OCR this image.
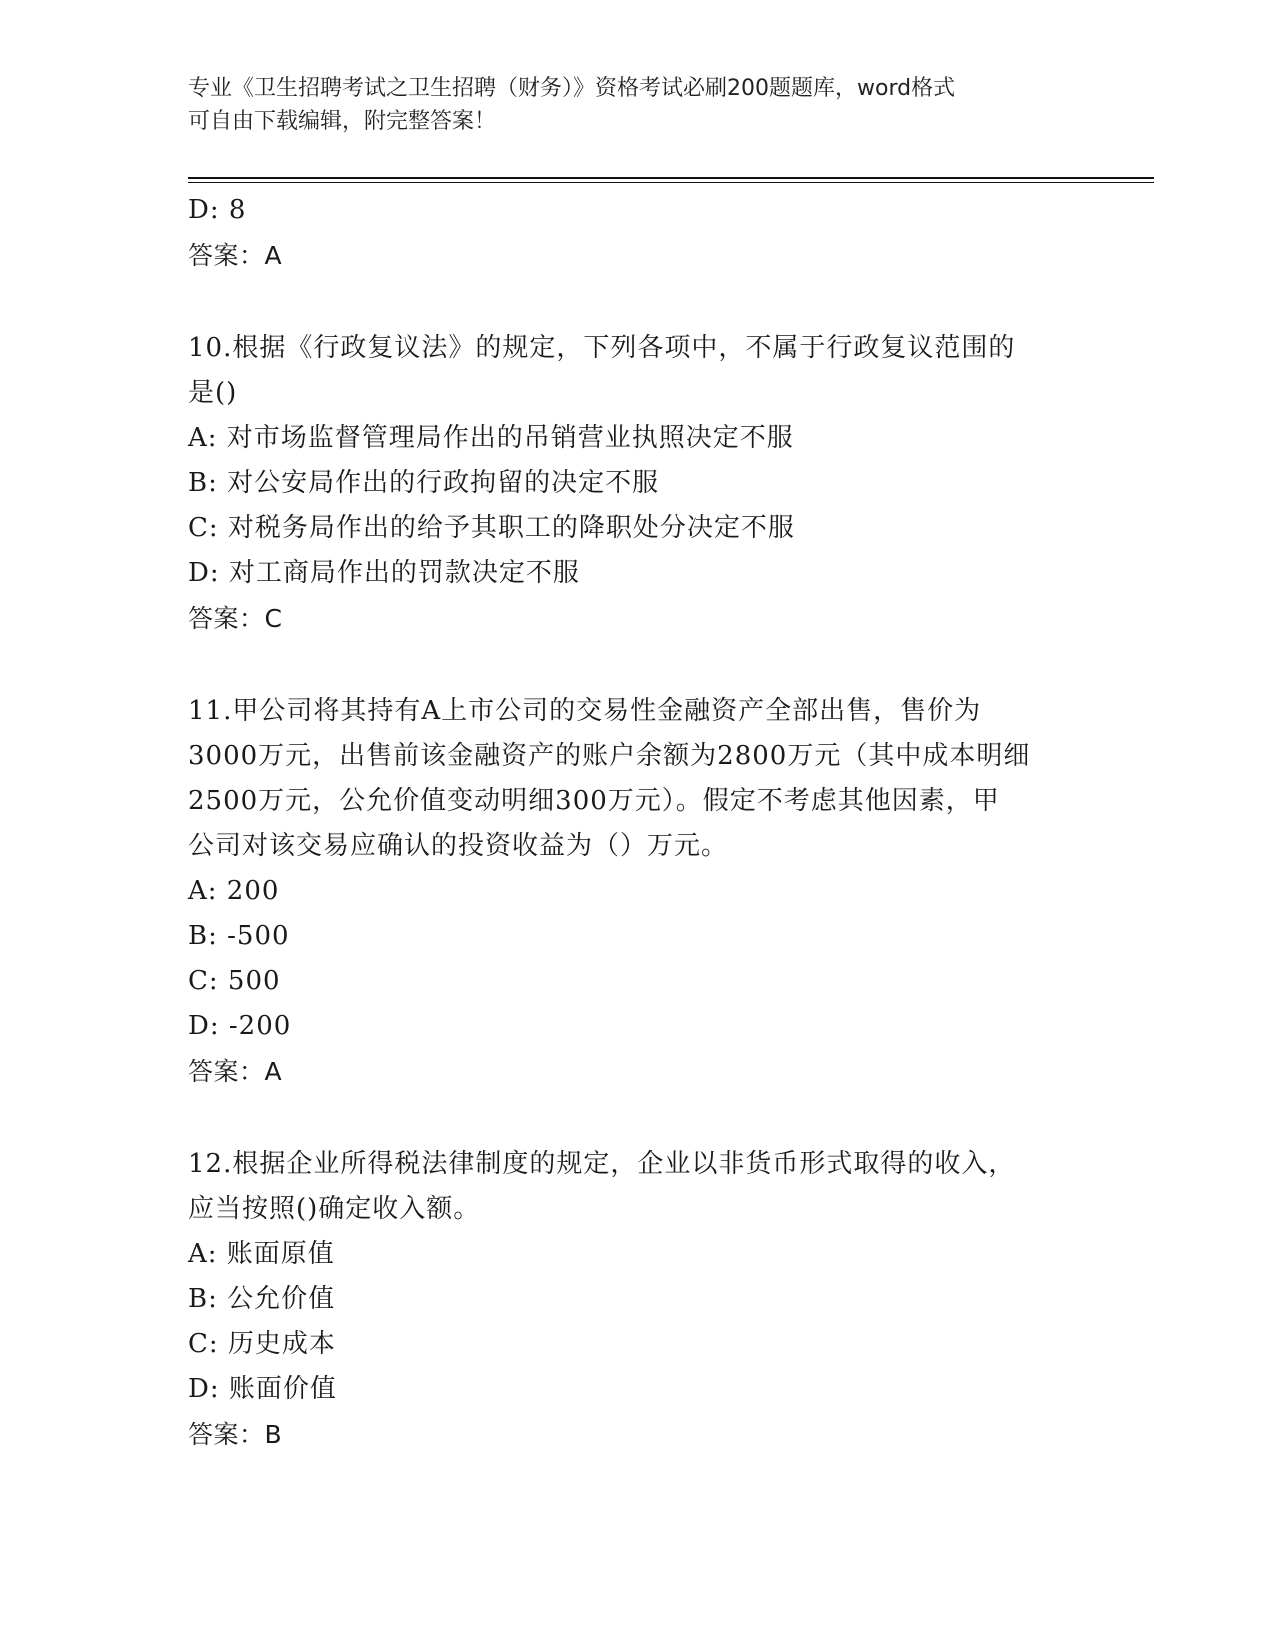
专业《卫生招聘考试之卫生招聘（财务）》资格考试必刷200题题库，word格式
可自由下载编辑，附完整答案！
D: 8
答案：A
10.根据《行政复议法》的规定，下列各项中，不属于行政复议范围的
是()
A: 对市场监督管理局作出的吊销营业执照决定不服
B: 对公安局作出的行政拘留的决定不服
C: 对税务局作出的给予其职工的降职处分决定不服
D: 对工商局作出的罚款决定不服
答案：C
11.甲公司将其持有A上市公司的交易性金融资产全部出售，售价为
3000万元，出售前该金融资产的账户余额为2800万元（其中成本明细
2500万元，公允价值变动明细300万元）。假定不考虑其他因素，甲
公司对该交易应确认的投资收益为（）万元。
A: 200
B: -500
C: 500
D: -200
答案：A
12.根据企业所得税法律制度的规定，企业以非货币形式取得的收入，
应当按照()确定收入额。
A: 账面原值
B: 公允价值
C: 历史成本
D: 账面价值
答案：B
